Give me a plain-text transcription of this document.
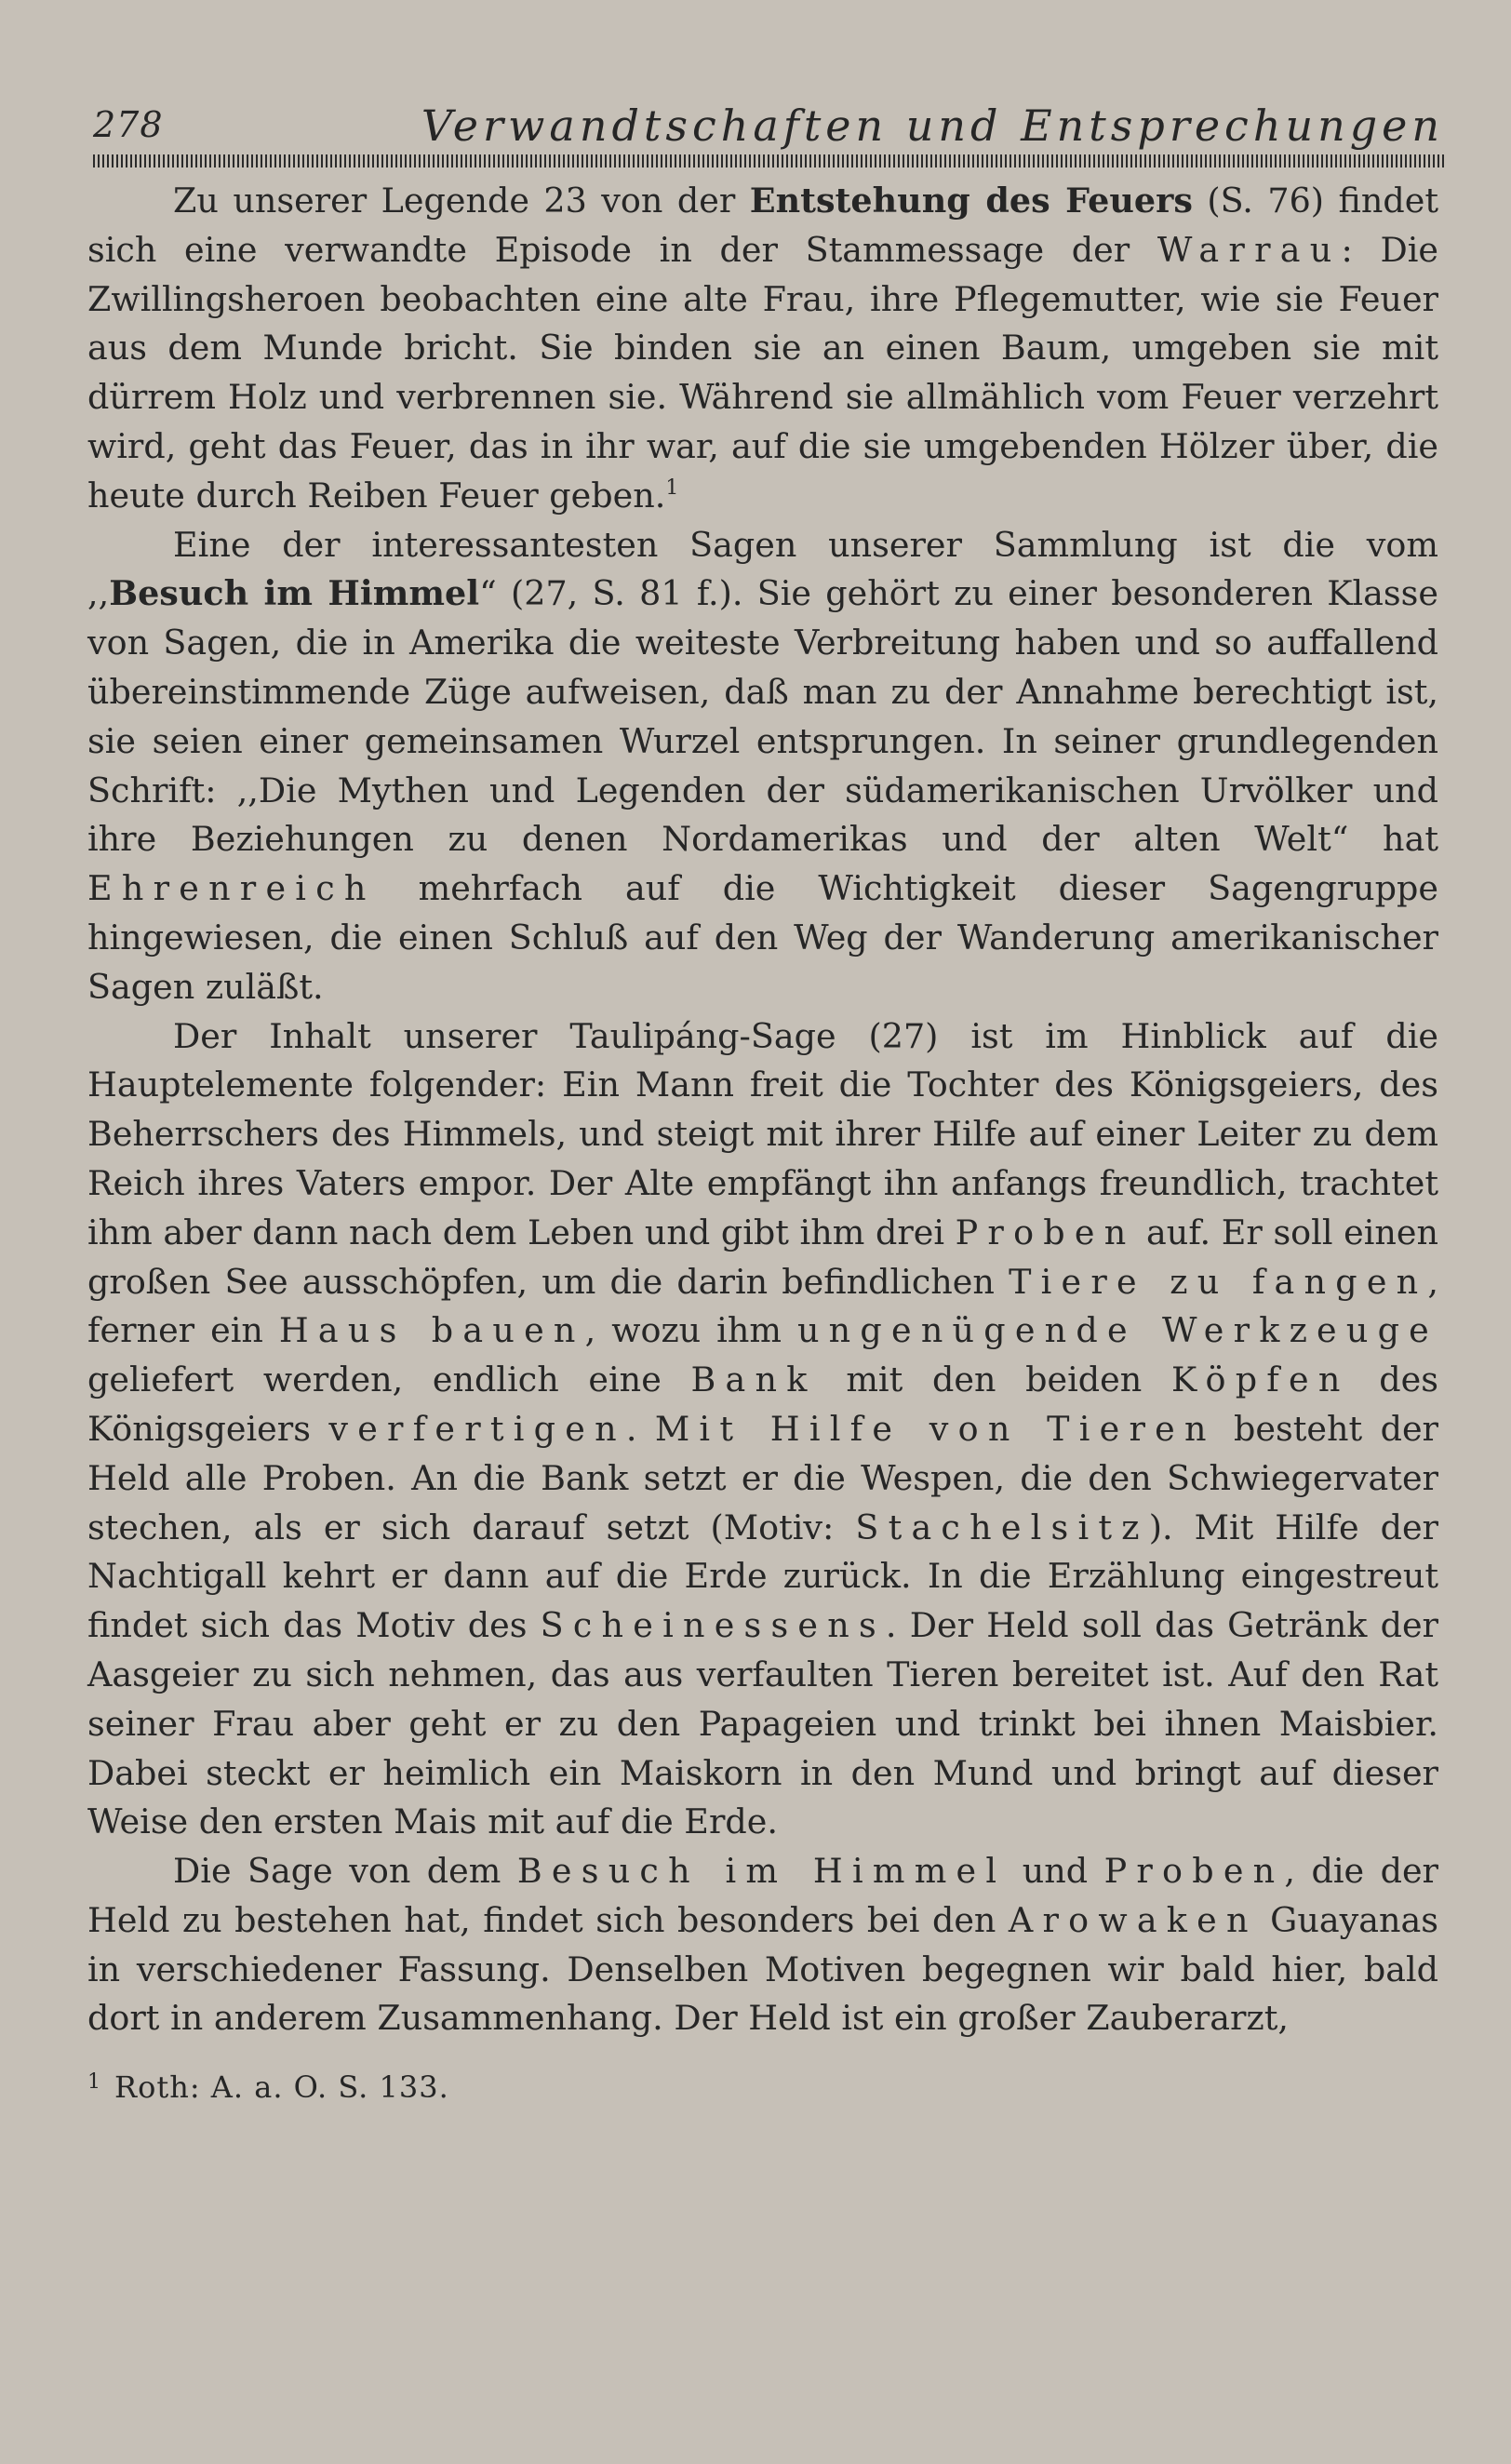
278	Verwandtschaften und Entsprechungen

Zu unserer Legende 23 von der Entstehung des Feuers (S. 76) findet sich eine verwandte Episode in der Stammessage der Warrau: Die Zwillingsheroen beobachten eine alte Frau, ihre Pflegemutter, wie sie Feuer aus dem Munde bricht. Sie binden sie an einen Baum, umgeben sie mit dürrem Holz und verbrennen sie. Während sie allmählich vom Feuer verzehrt wird, geht das Feuer, das in ihr war, auf die sie umgebenden Hölzer über, die heute durch Reiben Feuer geben.$^1$

Eine der interessantesten Sagen unserer Sammlung ist die vom ,,Besuch im Himmel“ (27, S. 81 f.). Sie gehört zu einer besonderen Klasse von Sagen, die in Amerika die weiteste Verbreitung haben und so auffallend übereinstimmende Züge aufweisen, daß man zu der Annahme berechtigt ist, sie seien einer gemeinsamen Wurzel entsprungen. In seiner grundlegenden Schrift: ,,Die Mythen und Legenden der südamerikanischen Urvölker und ihre Beziehungen zu denen Nordamerikas und der alten Welt“ hat Ehrenreich mehrfach auf die Wichtigkeit dieser Sagengruppe hingewiesen, die einen Schluß auf den Weg der Wanderung amerikanischer Sagen zuläßt.

Der Inhalt unserer Taulipáng-Sage (27) ist im Hinblick auf die Hauptelemente folgender: Ein Mann freit die Tochter des Königsgeiers, des Beherrschers des Himmels, und steigt mit ihrer Hilfe auf einer Leiter zu dem Reich ihres Vaters empor. Der Alte empfängt ihn anfangs freundlich, trachtet ihm aber dann nach dem Leben und gibt ihm drei Proben auf. Er soll einen großen See ausschöpfen, um die darin befindlichen Tiere zu fangen, ferner ein Haus bauen, wozu ihm ungenügende Werkzeuge geliefert werden, endlich eine Bank mit den beiden Köpfen des Königsgeiers verfertigen. Mit Hilfe von Tieren besteht der Held alle Proben. An die Bank setzt er die Wespen, die den Schwiegervater stechen, als er sich darauf setzt (Motiv: Stachelsitz). Mit Hilfe der Nachtigall kehrt er dann auf die Erde zurück. In die Erzählung eingestreut findet sich das Motiv des Scheinessens. Der Held soll das Getränk der Aasgeier zu sich nehmen, das aus verfaulten Tieren bereitet ist. Auf den Rat seiner Frau aber geht er zu den Papageien und trinkt bei ihnen Maisbier. Dabei steckt er heimlich ein Maiskorn in den Mund und bringt auf dieser Weise den ersten Mais mit auf die Erde.

Die Sage von dem Besuch im Himmel und Proben, die der Held zu bestehen hat, findet sich besonders bei den Arowaken Guayanas in verschiedener Fassung. Denselben Motiven begegnen wir bald hier, bald dort in anderem Zusammenhang. Der Held ist ein großer Zauberarzt,

$^1$ Roth: A. a. O. S. 133.
